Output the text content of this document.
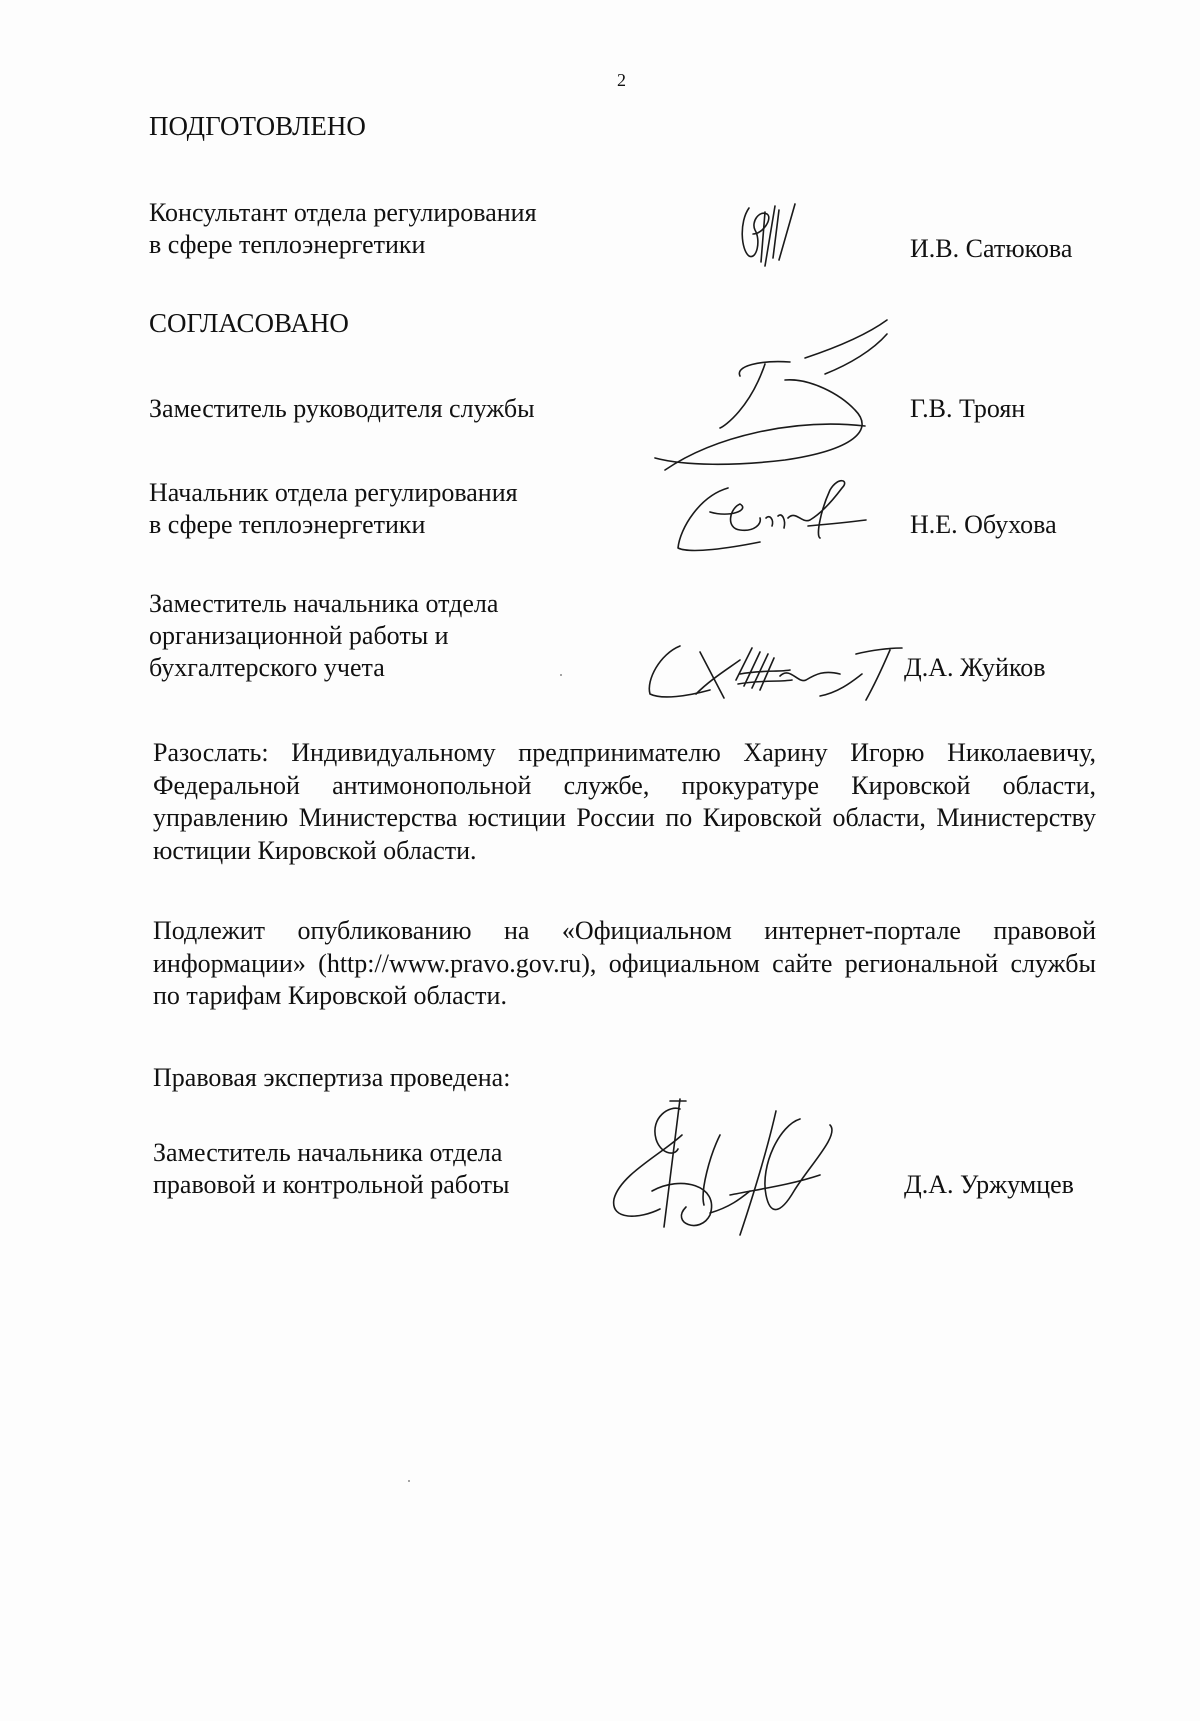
2
ПОДГОТОВЛЕНО
Консультант отдела регулирования
в сфере теплоэнергетики	И.В. Сатюкова
СОГЛАСОВАНО
Заместитель руководителя службы	Г.В. Троян
Начальник отдела регулирования
в сфере теплоэнергетики	Н.Е. Обухова
Заместитель начальника отдела
организационной работы и
бухгалтерского учета	Д.А. Жуйков
Разослать: Индивидуальному предпринимателю Харину Игорю Николаевичу, Федеральной антимонопольной службе, прокуратуре Кировской области, управлению Министерства юстиции России по Кировской области, Министерству юстиции Кировской области.
Подлежит опубликованию на «Официальном интернет-портале правовой информации» (http://www.pravo.gov.ru), официальном сайте региональной службы по тарифам Кировской области.
Правовая экспертиза проведена:
Заместитель начальника отдела
правовой и контрольной работы	Д.А. Уржумцев
